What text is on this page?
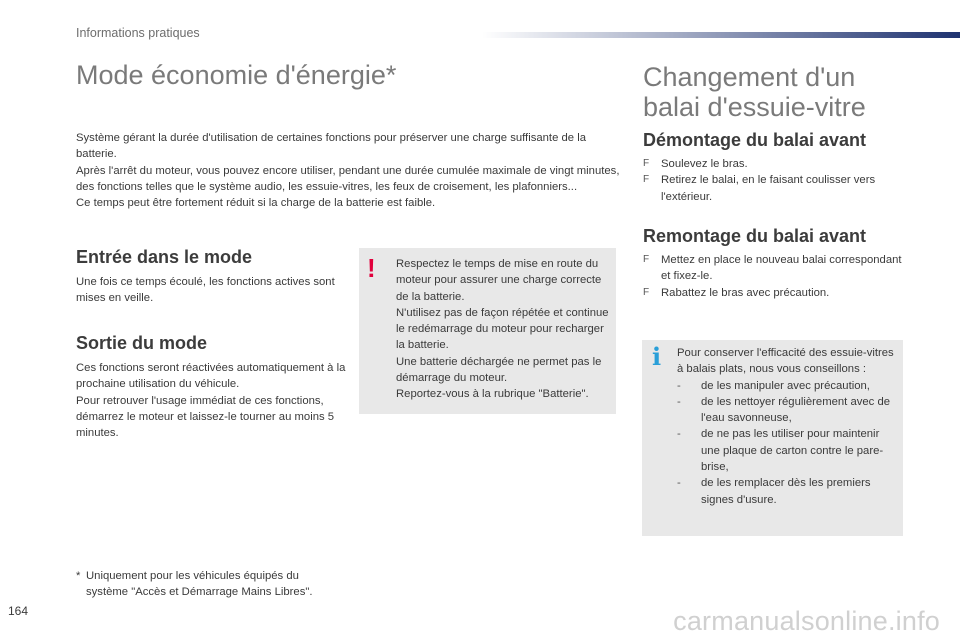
Informations pratiques
Mode économie d'énergie*
Système gérant la durée d'utilisation de certaines fonctions pour préserver une charge suffisante de la batterie.
Après l'arrêt du moteur, vous pouvez encore utiliser, pendant une durée cumulée maximale de vingt minutes, des fonctions telles que le système audio, les essuie-vitres, les feux de croisement, les plafonniers...
Ce temps peut être fortement réduit si la charge de la batterie est faible.
Entrée dans le mode
Une fois ce temps écoulé, les fonctions actives sont mises en veille.
Sortie du mode
Ces fonctions seront réactivées automatiquement à la prochaine utilisation du véhicule.
Pour retrouver l'usage immédiat de ces fonctions, démarrez le moteur et laissez-le tourner au moins 5 minutes.
! Respectez le temps de mise en route du moteur pour assurer une charge correcte de la batterie.
N'utilisez pas de façon répétée et continue le redémarrage du moteur pour recharger la batterie.
Une batterie déchargée ne permet pas le démarrage du moteur.
Reportez-vous à la rubrique "Batterie".
* Uniquement pour les véhicules équipés du
système "Accès et Démarrage Mains Libres".
Changement d'un
balai d'essuie-vitre
Démontage du balai avant
F Soulevez le bras.
F Retirez le balai, en le faisant coulisser vers l'extérieur.
Remontage du balai avant
F Mettez en place le nouveau balai correspondant et fixez-le.
F Rabattez le bras avec précaution.
i Pour conserver l'efficacité des essuie-vitres à balais plats, nous vous conseillons :
- de les manipuler avec précaution,
- de les nettoyer régulièrement avec de l'eau savonneuse,
- de ne pas les utiliser pour maintenir une plaque de carton contre le pare-brise,
- de les remplacer dès les premiers signes d'usure.
164	carmanualsonline.info
